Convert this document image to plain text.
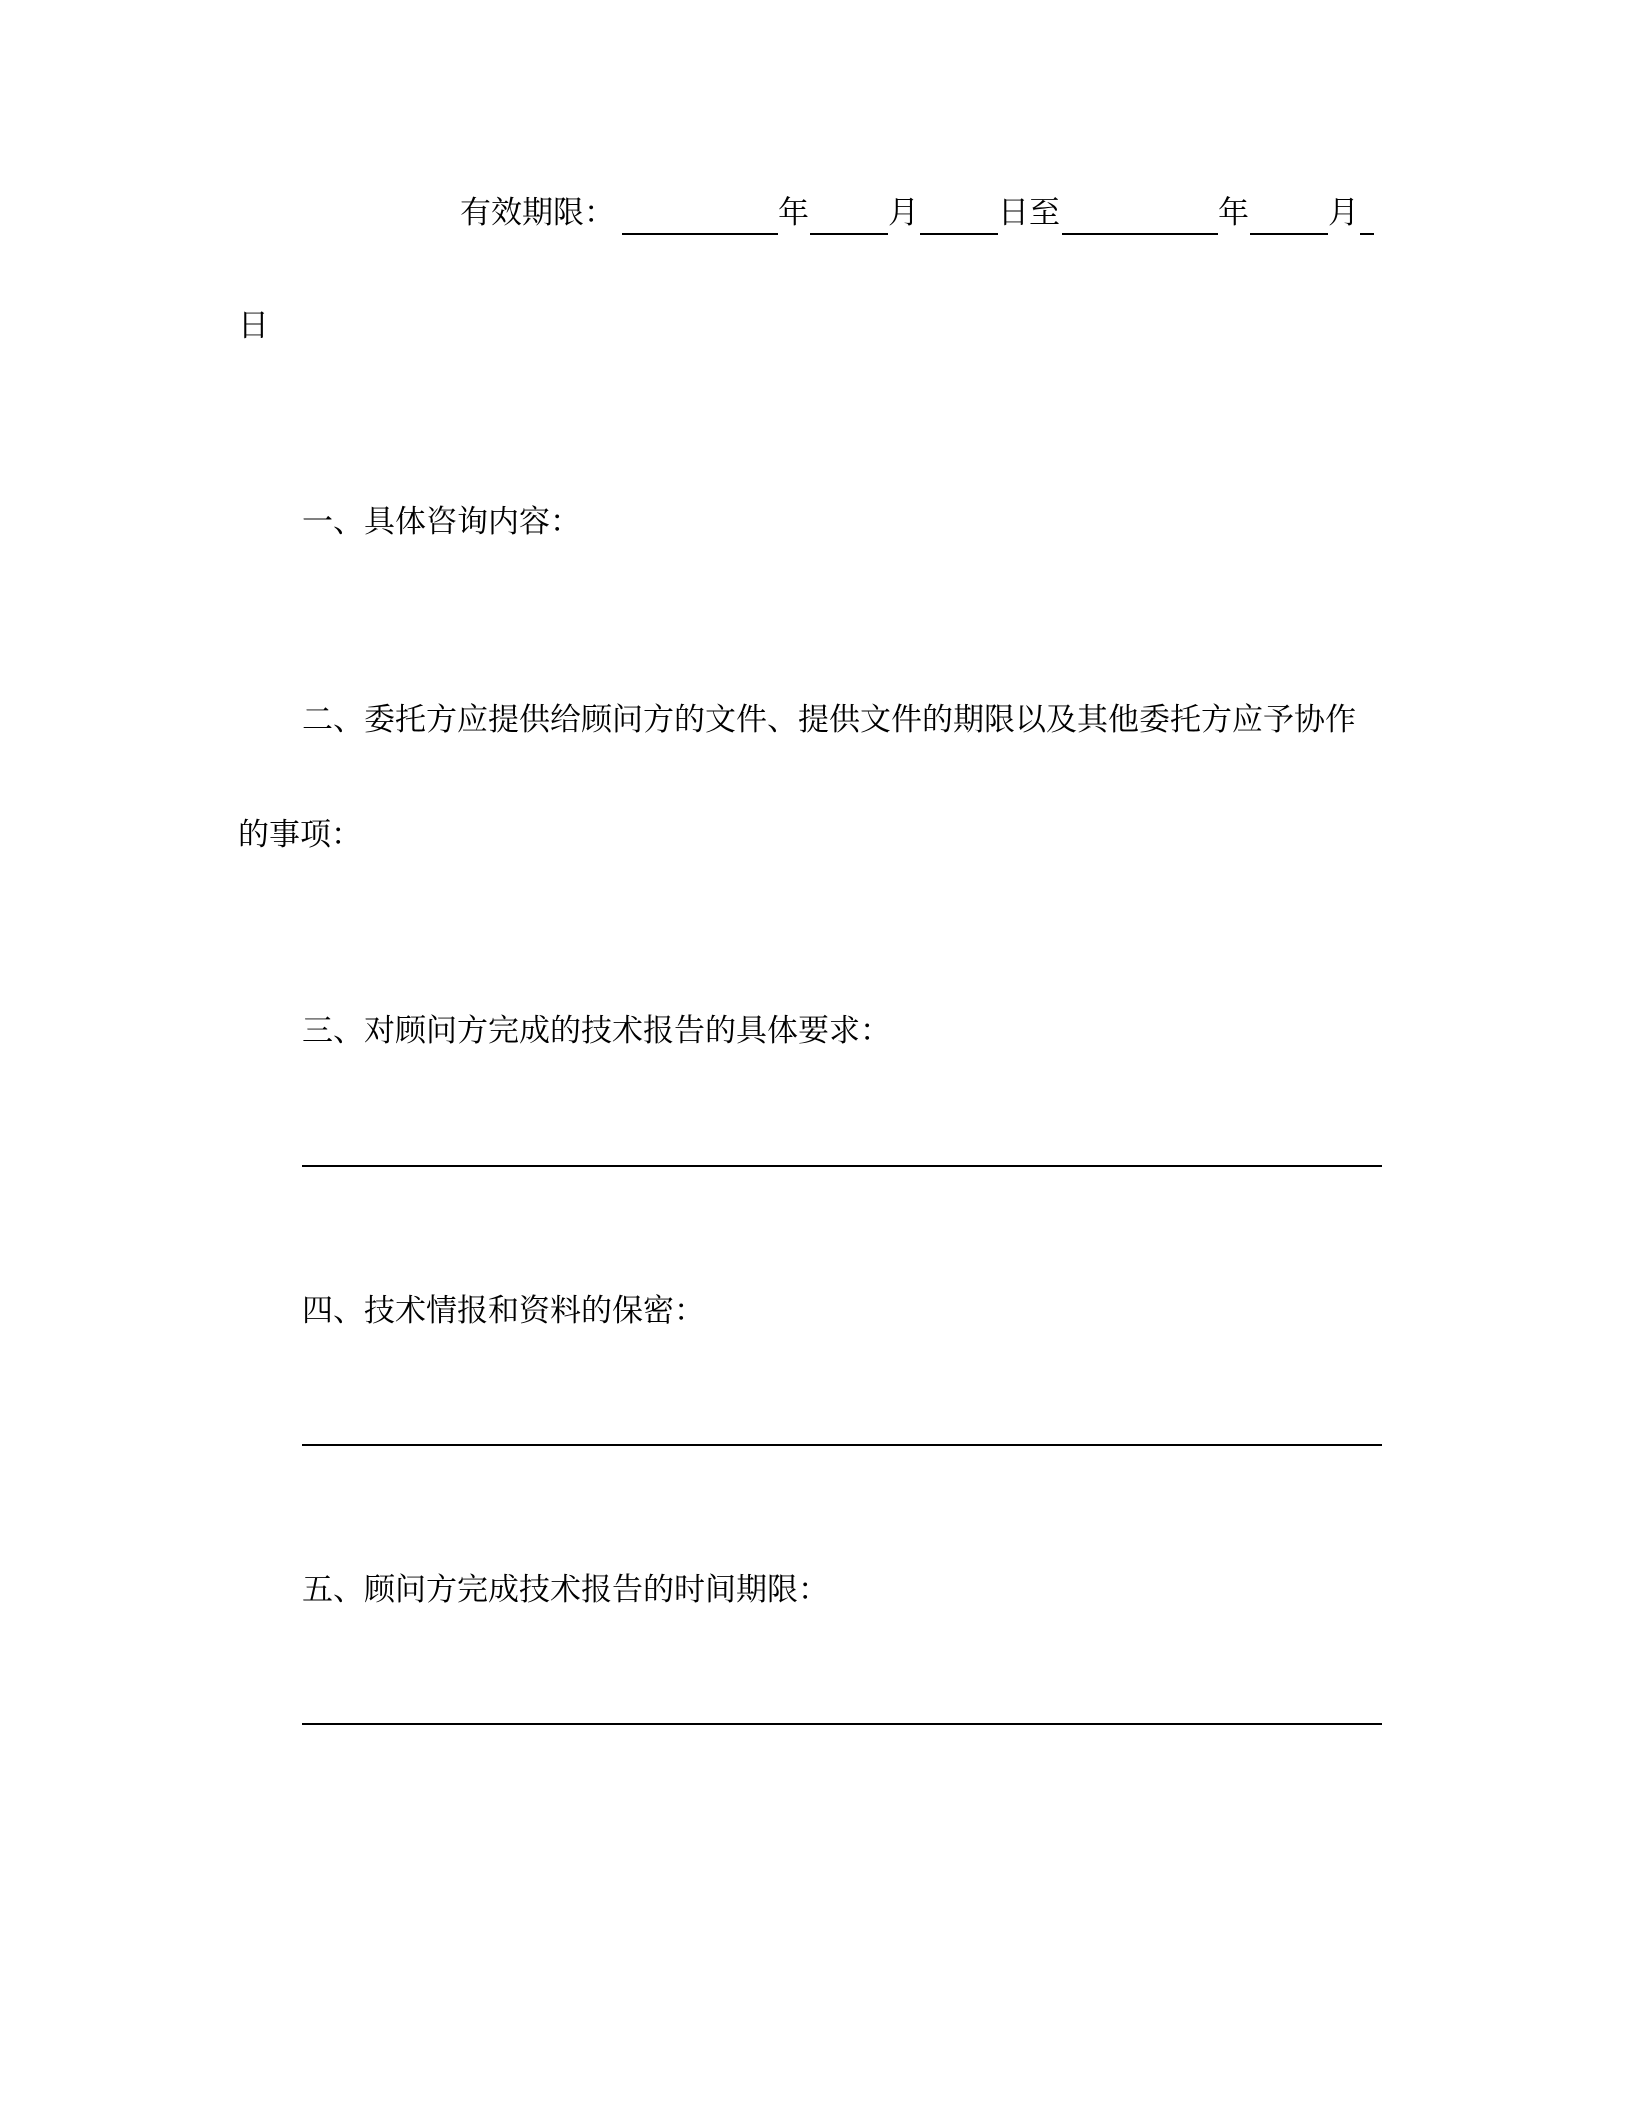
有效期限：	年	月	日至	年	月

日

一、具体咨询内容：

二、委托方应提供给顾问方的文件、提供文件的期限以及其他委托方应予协作

的事项：

三、对顾问方完成的技术报告的具体要求：

四、技术情报和资料的保密：

五、顾问方完成技术报告的时间期限：
